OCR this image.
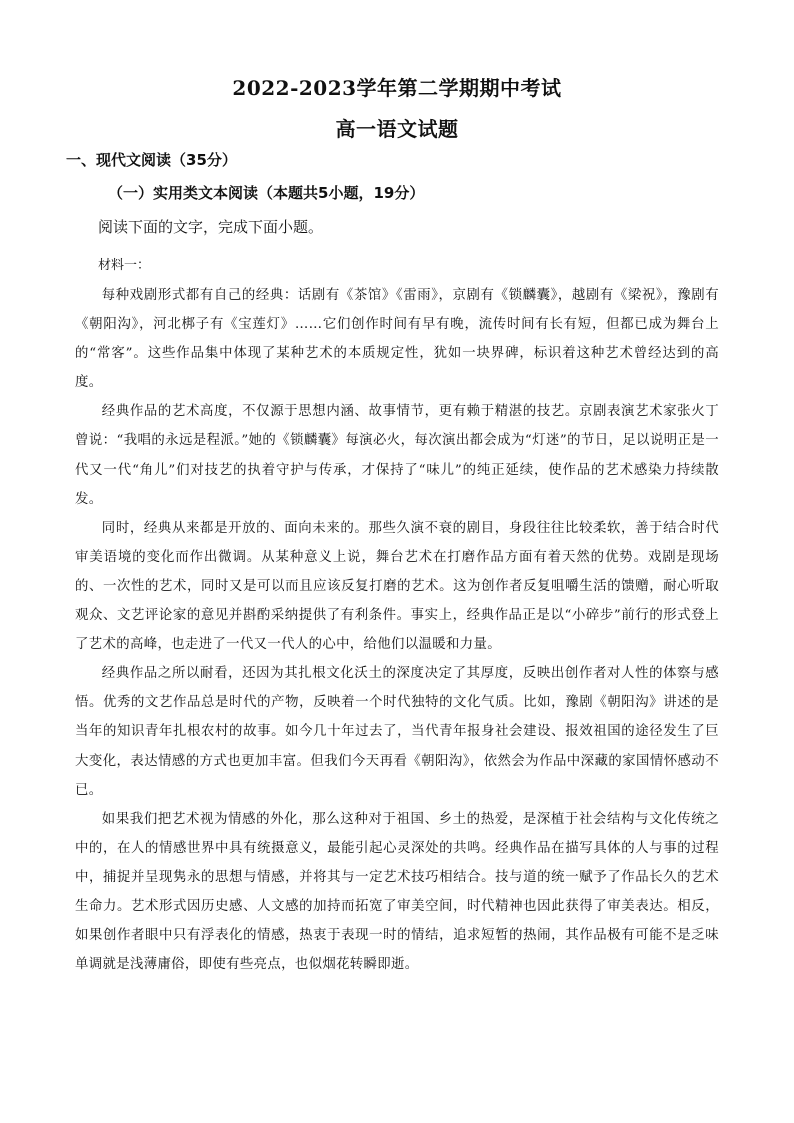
2022-2023学年第二学期期中考试
高一语文试题
一、现代文阅读（35分）
（一）实用类文本阅读（本题共5小题，19分）
阅读下面的文字，完成下面小题。
材料一：

每种戏剧形式都有自己的经典：话剧有《茶馆》《雷雨》，京剧有《锁麟囊》，越剧有《梁祝》，豫剧有《朝阳沟》，河北梆子有《宝莲灯》……它们创作时间有早有晚，流传时间有长有短，但都已成为舞台上的“常客”。这些作品集中体现了某种艺术的本质规定性，犹如一块界碑，标识着这种艺术曾经达到的高度。

经典作品的艺术高度，不仅源于思想内涵、故事情节，更有赖于精湛的技艺。京剧表演艺术家张火丁曾说：“我唱的永远是程派。”她的《锁麟囊》每演必火，每次演出都会成为“灯迷”的节日，足以说明正是一代又一代“角儿”们对技艺的执着守护与传承，才保持了“味儿”的纯正延续，使作品的艺术感染力持续散发。

同时，经典从来都是开放的、面向未来的。那些久演不衰的剧目，身段往往比较柔软，善于结合时代审美语境的变化而作出微调。从某种意义上说，舞台艺术在打磨作品方面有着天然的优势。戏剧是现场的、一次性的艺术，同时又是可以而且应该反复打磨的艺术。这为创作者反复咀嚼生活的馈赠，耐心听取观众、文艺评论家的意见并斟酌采纳提供了有利条件。事实上，经典作品正是以“小碎步”前行的形式登上了艺术的高峰，也走进了一代又一代人的心中，给他们以温暖和力量。

经典作品之所以耐看，还因为其扎根文化沃土的深度决定了其厚度，反映出创作者对人性的体察与感悟。优秀的文艺作品总是时代的产物，反映着一个时代独特的文化气质。比如，豫剧《朝阳沟》讲述的是当年的知识青年扎根农村的故事。如今几十年过去了，当代青年报身社会建设、报效祖国的途径发生了巨大变化，表达情感的方式也更加丰富。但我们今天再看《朝阳沟》，依然会为作品中深藏的家国情怀感动不已。

如果我们把艺术视为情感的外化，那么这种对于祖国、乡土的热爱，是深植于社会结构与文化传统之中的，在人的情感世界中具有统摄意义，最能引起心灵深处的共鸣。经典作品在描写具体的人与事的过程中，捕捉并呈现隽永的思想与情感，并将其与一定艺术技巧相结合。技与道的统一赋予了作品长久的艺术生命力。艺术形式因历史感、人文感的加持而拓宽了审美空间，时代精神也因此获得了审美表达。相反，如果创作者眼中只有浮表化的情感，热衷于表现一时的情结，追求短暂的热闹，其作品极有可能不是乏味单调就是浅薄庸俗，即使有些亮点，也似烟花转瞬即逝。
